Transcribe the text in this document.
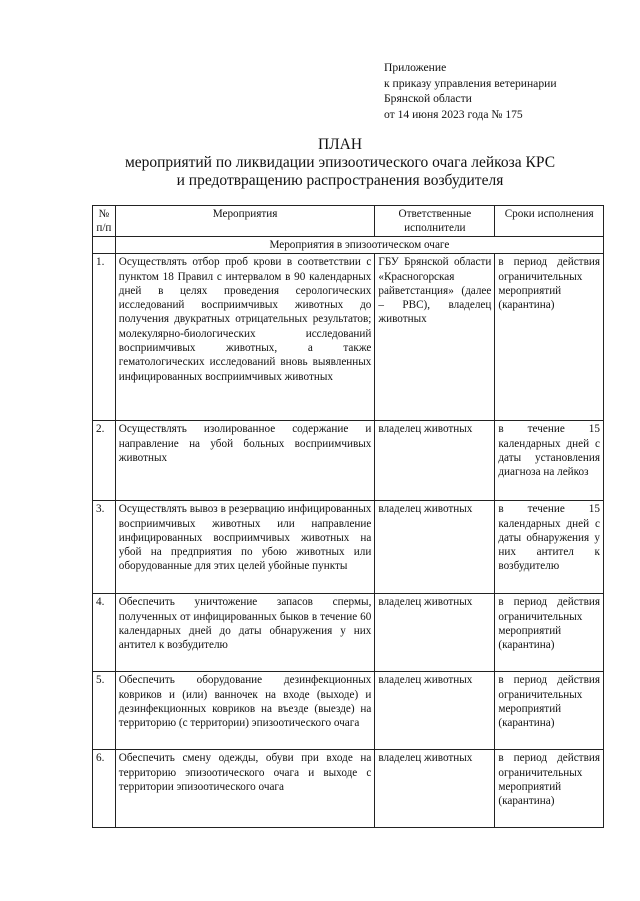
Приложение
к приказу управления ветеринарии
Брянской области
от 14 июня 2023 года № 175
ПЛАН
мероприятий по ликвидации эпизоотического очага лейкоза КРС
и предотвращению распространения возбудителя
№ п/п	Мероприятия	Ответственные исполнители	Сроки исполнения
	Мероприятия в эпизоотическом очаге		
1.	Осуществлять отбор проб крови в соответствии с пунктом 18 Правил с интервалом в 90 календарных дней в целях проведения серологических исследований восприимчивых животных до получения двукратных отрицательных результатов; молекулярно-биологических исследований восприимчивых животных, а также гематологических исследований вновь выявленных инфицированных восприимчивых животных	ГБУ Брянской области «Красногорская райветстанция» (далее – РВС), владелец животных	в период действия ограничительных мероприятий (карантина)
2.	Осуществлять изолированное содержание и направление на убой больных восприимчивых животных	владелец животных	в течение 15 календарных дней с даты установления диагноза на лейкоз
3.	Осуществлять вывоз в резервацию инфицированных восприимчивых животных или направление инфицированных восприимчивых животных на убой на предприятия по убою животных или оборудованные для этих целей убойные пункты	владелец животных	в течение 15 календарных дней с даты обнаружения у них антител к возбудителю
4.	Обеспечить уничтожение запасов спермы, полученных от инфицированных быков в течение 60 календарных дней до даты обнаружения у них антител к возбудителю	владелец животных	в период действия ограничительных мероприятий (карантина)
5.	Обеспечить оборудование дезинфекционных ковриков и (или) ванночек на входе (выходе) и дезинфекционных ковриков на въезде (выезде) на территорию (с территории) эпизоотического очага	владелец животных	в период действия ограничительных мероприятий (карантина)
6.	Обеспечить смену одежды, обуви при входе на территорию эпизоотического очага и выходе с территории эпизоотического очага	владелец животных	в период действия ограничительных мероприятий (карантина)
